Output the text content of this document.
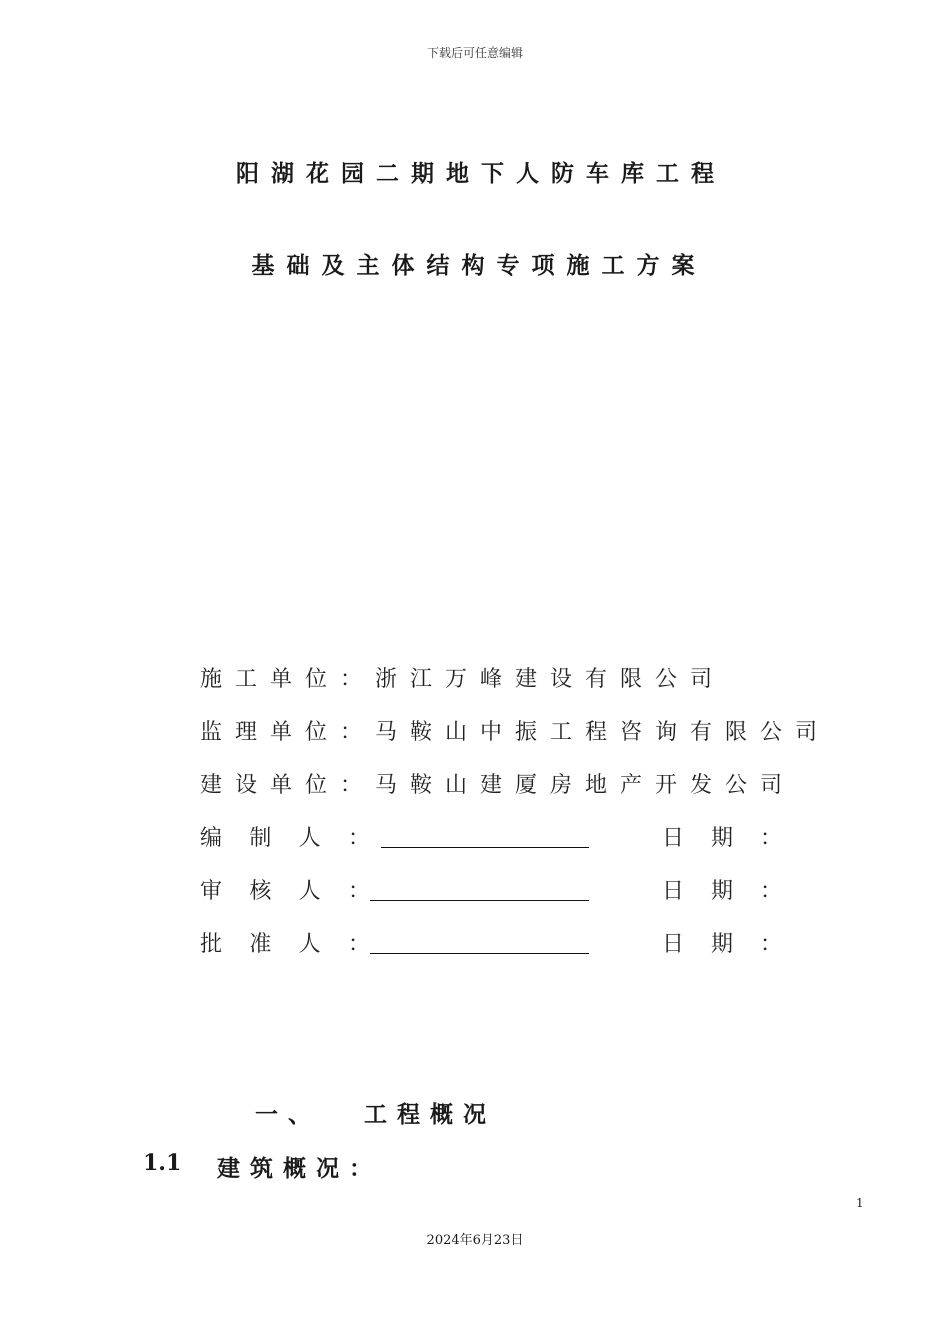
下载后可任意编辑
阳湖花园二期地下人防车库工程
基础及主体结构专项施工方案
施工单位：浙江万峰建设有限公司
监理单位：马鞍山中振工程咨询有限公司
建设单位：马鞍山建厦房地产开发公司
编 制 人 ：	日 期 ：
审 核 人 ：	日 期 ：
批 准 人 ：	日 期 ：
一、 工程概况
1.1 建筑概况：
1
2024年6月23日
